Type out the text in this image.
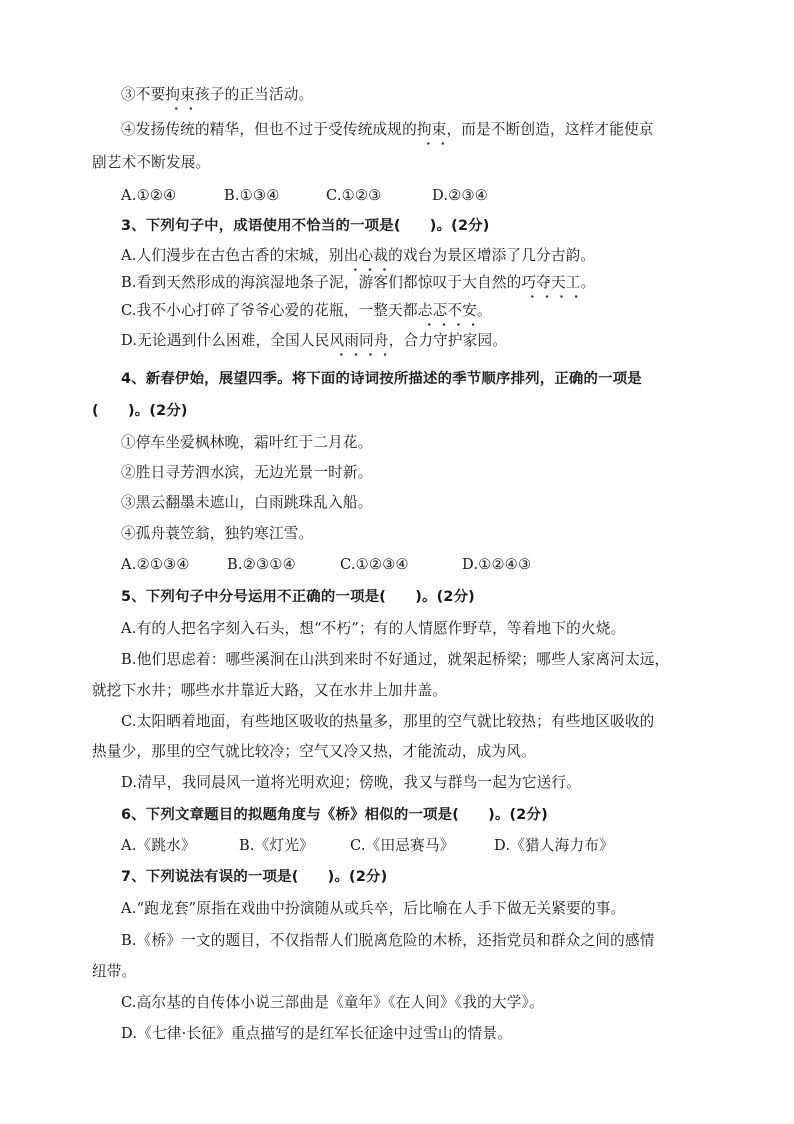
③不要拘束孩子的正当活动。
④发扬传统的精华，但也不过于受传统成规的拘束，而是不断创造，这样才能使京
剧艺术不断发展。
A.①②④	B.①③④	C.①②③	D.②③④
3、下列句子中，成语使用不恰当的一项是(　　)。(2分)
A.人们漫步在古色古香的宋城，别出心裁的戏台为景区增添了几分古韵。
B.看到天然形成的海滨湿地条子泥，游客们都惊叹于大自然的巧夺天工。
C.我不小心打碎了爷爷心爱的花瓶，一整天都忐忑不安。
D.无论遇到什么困难，全国人民风雨同舟，合力守护家园。
4、新春伊始，展望四季。将下面的诗词按所描述的季节顺序排列，正确的一项是
(　　)。(2分)
①停车坐爱枫林晚，霜叶红于二月花。
②胜日寻芳泗水滨，无边光景一时新。
③黑云翻墨未遮山，白雨跳珠乱入船。
④孤舟蓑笠翁，独钓寒江雪。
A.②①③④	B.②③①④	C.①②③④	D.①②④③
5、下列句子中分号运用不正确的一项是(　　)。(2分)
A.有的人把名字刻入石头，想“不朽”；有的人情愿作野草，等着地下的火烧。
B.他们思虑着：哪些溪涧在山洪到来时不好通过，就架起桥梁；哪些人家离河太远，
就挖下水井；哪些水井靠近大路，又在水井上加井盖。
C.太阳晒着地面，有些地区吸收的热量多，那里的空气就比较热；有些地区吸收的
热量少，那里的空气就比较冷；空气又冷又热，才能流动，成为风。
D.清早，我同晨风一道将光明欢迎；傍晚，我又与群鸟一起为它送行。
6、下列文章题目的拟题角度与《桥》相似的一项是(　　)。(2分)
A.《跳水》	B.《灯光》 C.《田忌赛马》	D.《猎人海力布》
7、下列说法有误的一项是(　　)。(2分)
A.“跑龙套”原指在戏曲中扮演随从或兵卒，后比喻在人手下做无关紧要的事。
B.《桥》一文的题目，不仅指帮人们脱离危险的木桥，还指党员和群众之间的感情
纽带。
C.高尔基的自传体小说三部曲是《童年》《在人间》《我的大学》。
D.《七律·长征》重点描写的是红军长征途中过雪山的情景。
